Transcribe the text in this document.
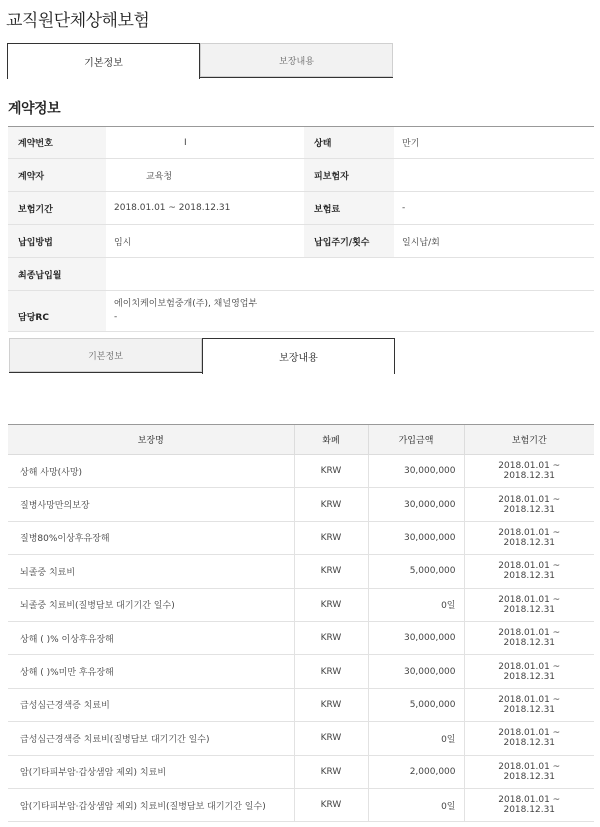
교직원단체상해보험
기본정보	보장내용
계약정보
계약번호	I	상태	만기
계약자	교육청	피보험자
보험기간	2018.01.01 ~ 2018.12.31	보험료	-
납입방법	임시	납입주기/횟수	일시납/회
최종납입월
담당RC
에이치케이보험중개(주), 채널영업부
-
기본정보	보장내용
보장명	화폐	가입금액	보험기간
상해 사망(사망)	KRW	30,000,000	2018.01.01 ~ 2018.12.31
질병사망만의보장	KRW	30,000,000	2018.01.01 ~ 2018.12.31
질병80%이상후유장해	KRW	30,000,000	2018.01.01 ~ 2018.12.31
뇌졸중 치료비	KRW	5,000,000	2018.01.01 ~ 2018.12.31
뇌졸중 치료비(질병담보 대기기간 일수)	KRW	0일	2018.01.01 ~ 2018.12.31
상해 ( )% 이상후유장해	KRW	30,000,000	2018.01.01 ~ 2018.12.31
상해 ( )%미만 후유장해	KRW	30,000,000	2018.01.01 ~ 2018.12.31
급성심근경색증 치료비	KRW	5,000,000	2018.01.01 ~ 2018.12.31
급성심근경색증 치료비(질병담보 대기기간 일수)	KRW	0일	2018.01.01 ~ 2018.12.31
암(기타피부암·갑상샘암 제외) 치료비	KRW	2,000,000	2018.01.01 ~ 2018.12.31
암(기타피부암·갑상샘암 제외) 치료비(질병담보 대기기간 일수)	KRW	0일	2018.01.01 ~ 2018.12.31
